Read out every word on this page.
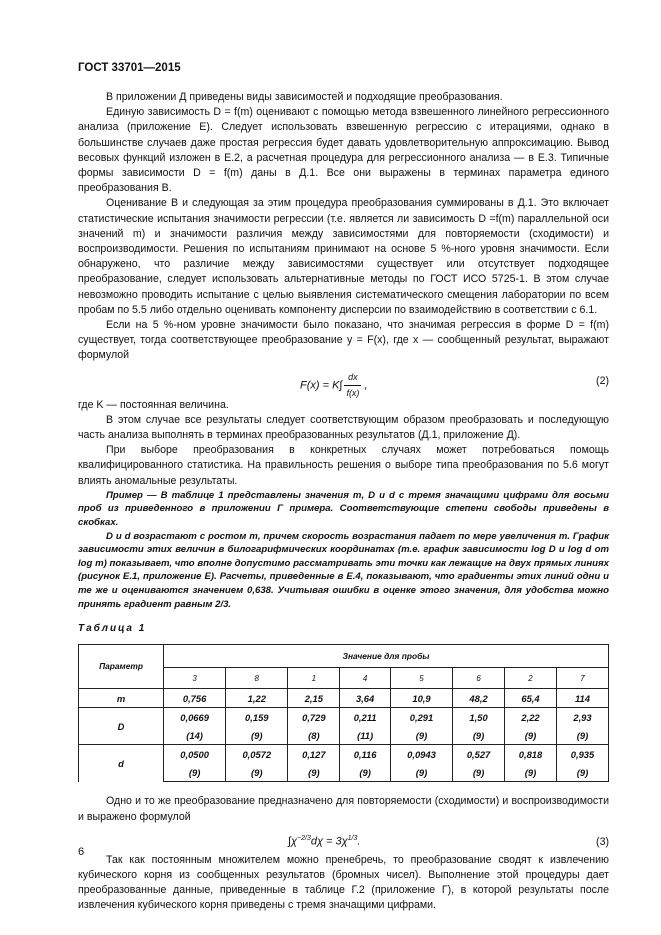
ГОСТ 33701—2015

В приложении Д приведены виды зависимостей и подходящие преобразования.

Единую зависимость D = f(m) оценивают с помощью метода взвешенного линейного регрессионного анализа (приложение Е). Следует использовать взвешенную регрессию с итерациями, однако в большинстве случаев даже простая регрессия будет давать удовлетворительную аппроксимацию. Вывод весовых функций изложен в Е.2, а расчетная процедура для регрессионного анализа — в Е.3. Типичные формы зависимости D = f(m) даны в Д.1. Все они выражены в терминах параметра единого преобразования B.

Оценивание B и следующая за этим процедура преобразования суммированы в Д.1. Это включает статистические испытания значимости регрессии (т.е. является ли зависимость D =f(m) параллельной оси значений m) и значимости различия между зависимостями для повторяемости (сходимости) и воспроизводимости. Решения по испытаниям принимают на основе 5 %-ного уровня значимости. Если обнаружено, что различие между зависимостями существует или отсутствует подходящее преобразование, следует использовать альтернативные методы по ГОСТ ИСО 5725-1. В этом случае невозможно проводить испытание с целью выявления систематического смещения лаборатории по всем пробам по 5.5 либо отдельно оценивать компоненту дисперсии по взаимодействию в соответствии с 6.1.

Если на 5 %-ном уровне значимости было показано, что значимая регрессия в форме D = f(m) существует, тогда соответствующее преобразование y = F(x), где x — сообщенный результат, выражают формулой

$F(x) = K\int \frac{dx}{f(x)}$ ,	(2)

где K — постоянная величина.

В этом случае все результаты следует соответствующим образом преобразовать и последующую часть анализа выполнять в терминах преобразованных результатов (Д.1, приложение Д).

При выборе преобразования в конкретных случаях может потребоваться помощь квалифицированного статистика. На правильность решения о выборе типа преобразования по 5.6 могут влиять аномальные результаты.

Пример — В таблице 1 представлены значения m, D и d с тремя значащими цифрами для восьми проб из приведенного в приложении Г примера. Соответствующие степени свободы приведены в скобках.

D и d возрастают с ростом m, причем скорость возрастания падает по мере увеличения m. График зависимости этих величин в билогарифмических координатах (т.е. график зависимости log D и log d от log m) показывает, что вполне допустимо рассматривать эти точки как лежащие на двух прямых линиях (рисунок Е.1, приложение Е). Расчеты, приведенные в Е.4, показывают, что градиенты этих линий одни и те же и оцениваются значением 0,638. Учитывая ошибки в оценке этого значения, для удобства можно принять градиент равным 2/3.

Таблица 1
Параметр	Значение для пробы							
	3	8	1	4	5	6	2	7
m	0,756	1,22	2,15	3,64	10,9	48,2	65,4	114
D	0,0669	0,159	0,729	0,211	0,291	1,50	2,22	2,93
	(14)	(9)	(8)	(11)	(9)	(9)	(9)	(9)
d	0,0500	0,0572	0,127	0,116	0,0943	0,527	0,818	0,935
	(9)	(9)	(9)	(9)	(9)	(9)	(9)	(9)

Одно и то же преобразование предназначено для повторяемости (сходимости) и воспроизводимости и выражено формулой

$\int\chi^{-2/3}d\chi = 3\chi^{1/3}$.	(3)

Так как постоянным множителем можно пренебречь, то преобразование сводят к извлечению кубического корня из сообщенных результатов (бромных чисел). Выполнение этой процедуры дает преобразованные данные, приведенные в таблице Г.2 (приложение Г), в которой результаты после извлечения кубического корня приведены с тремя значащими цифрами.

6
